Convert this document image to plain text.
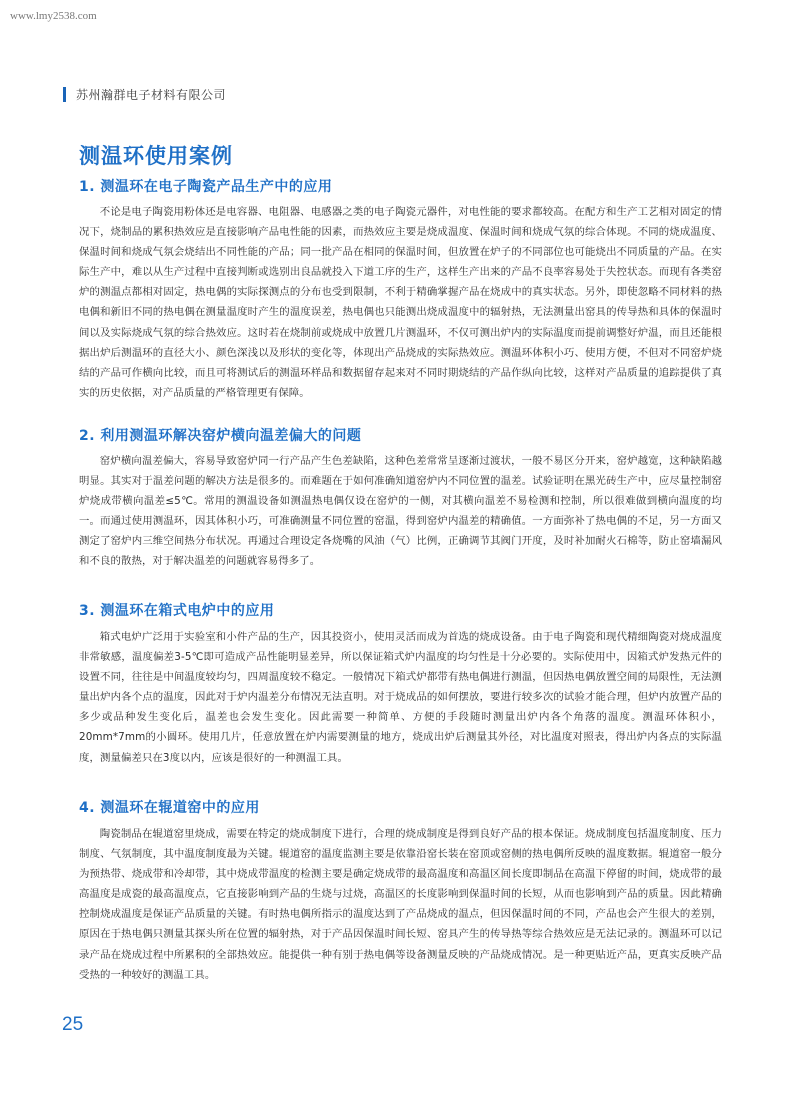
www.lmy2538.com
苏州瀚群电子材料有限公司
测温环使用案例
1. 测温环在电子陶瓷产品生产中的应用

不论是电子陶瓷用粉体还是电容器、电阻器、电感器之类的电子陶瓷元器件，对电性能的要求都较高。在配方和生产工艺相对固定的情况下，烧制品的累积热效应是直接影响产品电性能的因素，而热效应主要是烧成温度、保温时间和烧成气氛的综合体现。不同的烧成温度、保温时间和烧成气氛会烧结出不同性能的产品；同一批产品在相同的保温时间，但放置在炉子的不同部位也可能烧出不同质量的产品。在实际生产中，难以从生产过程中直接判断或选别出良品就投入下道工序的生产，这样生产出来的产品不良率容易处于失控状态。而现有各类窑炉的测温点都相对固定，热电偶的实际探测点的分布也受到限制，不利于精确掌握产品在烧成中的真实状态。另外，即使忽略不同材料的热电偶和新旧不同的热电偶在测量温度时产生的温度误差，热电偶也只能测出烧成温度中的辐射热，无法测量出窑具的传导热和具体的保温时间以及实际烧成气氛的综合热效应。这时若在烧制前或烧成中放置几片测温环，不仅可测出炉内的实际温度而提前调整好炉温，而且还能根据出炉后测温环的直径大小、颜色深浅以及形状的变化等，体现出产品烧成的实际热效应。测温环体积小巧、使用方便，不但对不同窑炉烧结的产品可作横向比较，而且可将测试后的测温环样品和数据留存起来对不同时期烧结的产品作纵向比较，这样对产品质量的追踪提供了真实的历史依据，对产品质量的严格管理更有保障。

2. 利用测温环解决窑炉横向温差偏大的问题

窑炉横向温差偏大，容易导致窑炉同一行产品产生色差缺陷，这种色差常常呈逐渐过渡状，一般不易区分开来，窑炉越宽，这种缺陷越明显。其实对于温差问题的解决方法是很多的。而难题在于如何准确知道窑炉内不同位置的温差。试验证明在黑光砖生产中，应尽量控制窑炉烧成带横向温差≤5℃。常用的测温设备如测温热电偶仅设在窑炉的一侧，对其横向温差不易检测和控制，所以很难做到横向温度的均一。而通过使用测温环，因其体积小巧，可准确测量不同位置的窑温，得到窑炉内温差的精确值。一方面弥补了热电偶的不足，另一方面又测定了窑炉内三维空间热分布状况。再通过合理设定各烧嘴的风油（气）比例，正确调节其阀门开度，及时补加耐火石棉等，防止窑墙漏风和不良的散热，对于解决温差的问题就容易得多了。

3. 测温环在箱式电炉中的应用

箱式电炉广泛用于实验室和小件产品的生产，因其投资小，使用灵活而成为首选的烧成设备。由于电子陶瓷和现代精细陶瓷对烧成温度非常敏感，温度偏差3-5℃即可造成产品性能明显差异，所以保证箱式炉内温度的均匀性是十分必要的。实际使用中，因箱式炉发热元件的设置不同，往往是中间温度较均匀，四周温度较不稳定。一般情况下箱式炉都带有热电偶进行测温，但因热电偶放置空间的局限性，无法测量出炉内各个点的温度，因此对于炉内温差分布情况无法直明。对于烧成品的如何摆放，要进行较多次的试验才能合理，但炉内放置产品的多少或品种发生变化后，温差也会发生变化。因此需要一种简单、方便的手段随时测量出炉内各个角落的温度。测温环体积小，20mm*7mm的小圆环。使用几片，任意放置在炉内需要测量的地方，烧成出炉后测量其外径，对比温度对照表，得出炉内各点的实际温度，测量偏差只在3度以内，应该是很好的一种测温工具。

4. 测温环在辊道窑中的应用

陶瓷制品在辊道窑里烧成，需要在特定的烧成制度下进行，合理的烧成制度是得到良好产品的根本保证。烧成制度包括温度制度、压力制度、气氛制度，其中温度制度最为关键。辊道窑的温度监测主要是依靠沿窑长装在窑顶或窑侧的热电偶所反映的温度数据。辊道窑一般分为预热带、烧成带和冷却带，其中烧成带温度的检测主要是确定烧成带的最高温度和高温区间长度即制品在高温下停留的时间，烧成带的最高温度是成瓷的最高温度点，它直接影响到产品的生烧与过烧，高温区的长度影响到保温时间的长短，从而也影响到产品的质量。因此精确控制烧成温度是保证产品质量的关键。有时热电偶所指示的温度达到了产品烧成的温点，但因保温时间的不同，产品也会产生很大的差别，原因在于热电偶只测量其探头所在位置的辐射热，对于产品因保温时间长短、窑具产生的传导热等综合热效应是无法记录的。测温环可以记录产品在烧成过程中所累积的全部热效应。能提供一种有别于热电偶等设备测量反映的产品烧成情况。是一种更贴近产品，更真实反映产品受热的一种较好的测温工具。

25
